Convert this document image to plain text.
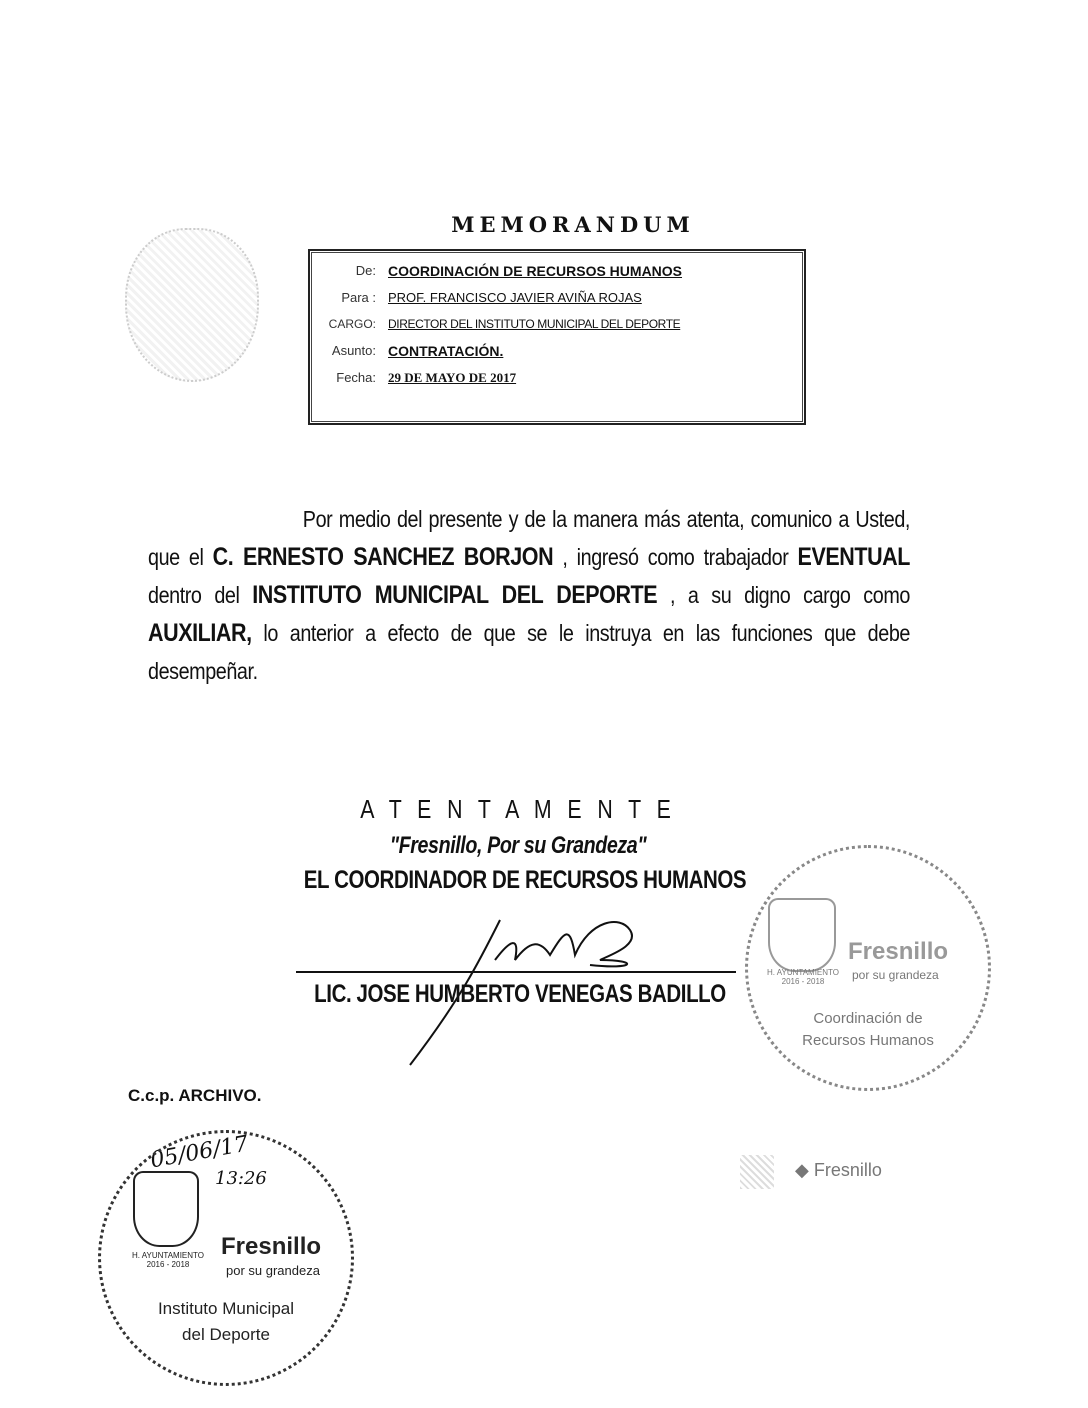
MEMORANDUM
De: COORDINACIÓN DE RECURSOS HUMANOS
Para : PROF. FRANCISCO JAVIER AVIÑA ROJAS
CARGO: DIRECTOR DEL INSTITUTO MUNICIPAL DEL DEPORTE
Asunto: CONTRATACIÓN.
Fecha: 29 DE MAYO DE 2017
Por medio del presente y de la manera más atenta, comunico a Usted, que el C. ERNESTO SANCHEZ BORJON , ingresó como trabajador EVENTUAL dentro del INSTITUTO MUNICIPAL DEL DEPORTE , a su digno cargo como AUXILIAR, lo anterior a efecto de que se le instruya en las funciones que debe desempeñar.
A T E N T A M E N T E
"Fresnillo, Por su Grandeza"
EL COORDINADOR DE RECURSOS HUMANOS
LIC. JOSE HUMBERTO VENEGAS BADILLO
H. AYUNTAMIENTO 2016 - 2018
Fresnillo
por su grandeza
Coordinación de
Recursos Humanos
C.c.p. ARCHIVO.
05/06/17
13:26
H. AYUNTAMIENTO 2016 - 2018
Fresnillo
por su grandeza
Instituto Municipal
del Deporte
◆ Fresnillo
